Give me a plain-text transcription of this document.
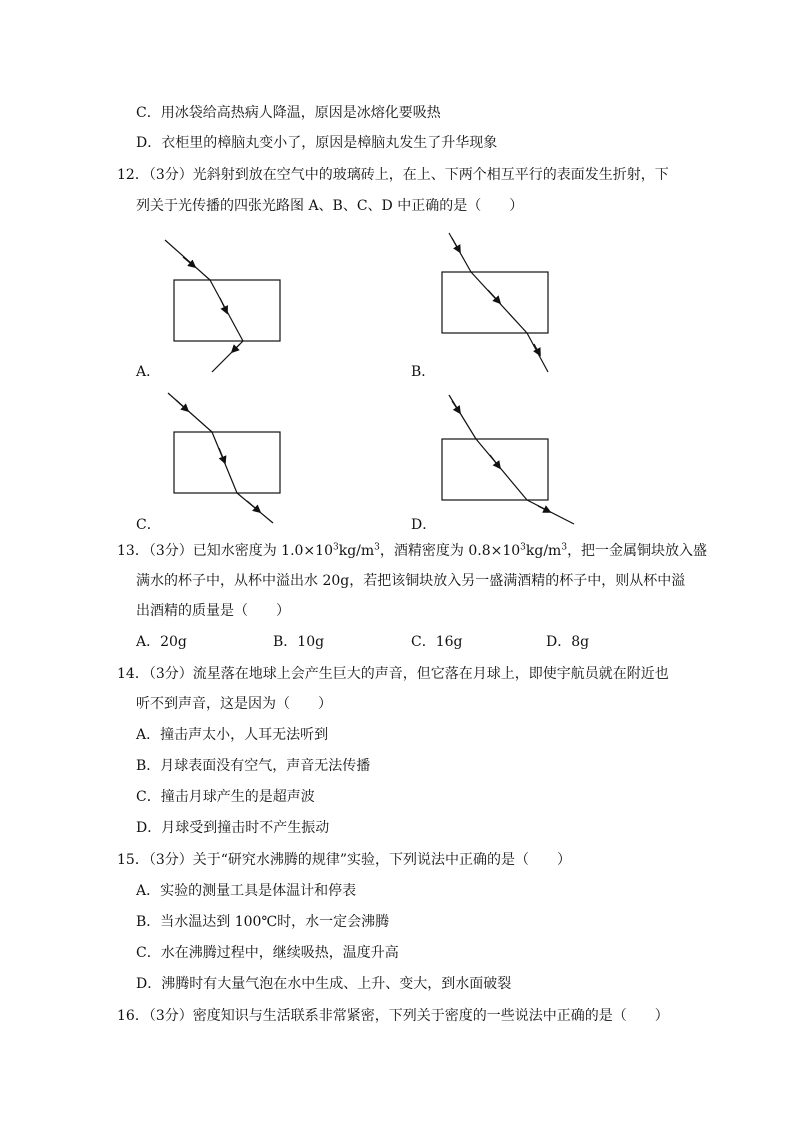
C．用冰袋给高热病人降温，原因是冰熔化要吸热
D．衣柜里的樟脑丸变小了，原因是樟脑丸发生了升华现象
12．（3分）光斜射到放在空气中的玻璃砖上，在上、下两个相互平行的表面发生折射，下
列关于光传播的四张光路图 A、B、C、D 中正确的是（　　）
A．	B．
C．	D．
13．（3分）已知水密度为 $1.0\times 10^3kg/m^3$，酒精密度为 $0.8\times 10^3kg/m^3$，把一金属铜块放入盛
满水的杯子中，从杯中溢出水 20g，若把该铜块放入另一盛满酒精的杯子中，则从杯中溢
出酒精的质量是（　　）
A．20g	B．10g	C．16g	D．8g
14．（3分）流星落在地球上会产生巨大的声音，但它落在月球上，即使宇航员就在附近也
听不到声音，这是因为（　　）
A．撞击声太小，人耳无法听到
B．月球表面没有空气，声音无法传播
C．撞击月球产生的是超声波
D．月球受到撞击时不产生振动
15．（3分）关于“研究水沸腾的规律”实验，下列说法中正确的是（　　）
A．实验的测量工具是体温计和停表
B．当水温达到 100℃时，水一定会沸腾
C．水在沸腾过程中，继续吸热，温度升高
D．沸腾时有大量气泡在水中生成、上升、变大，到水面破裂
16．（3分）密度知识与生活联系非常紧密，下列关于密度的一些说法中正确的是（　　）
